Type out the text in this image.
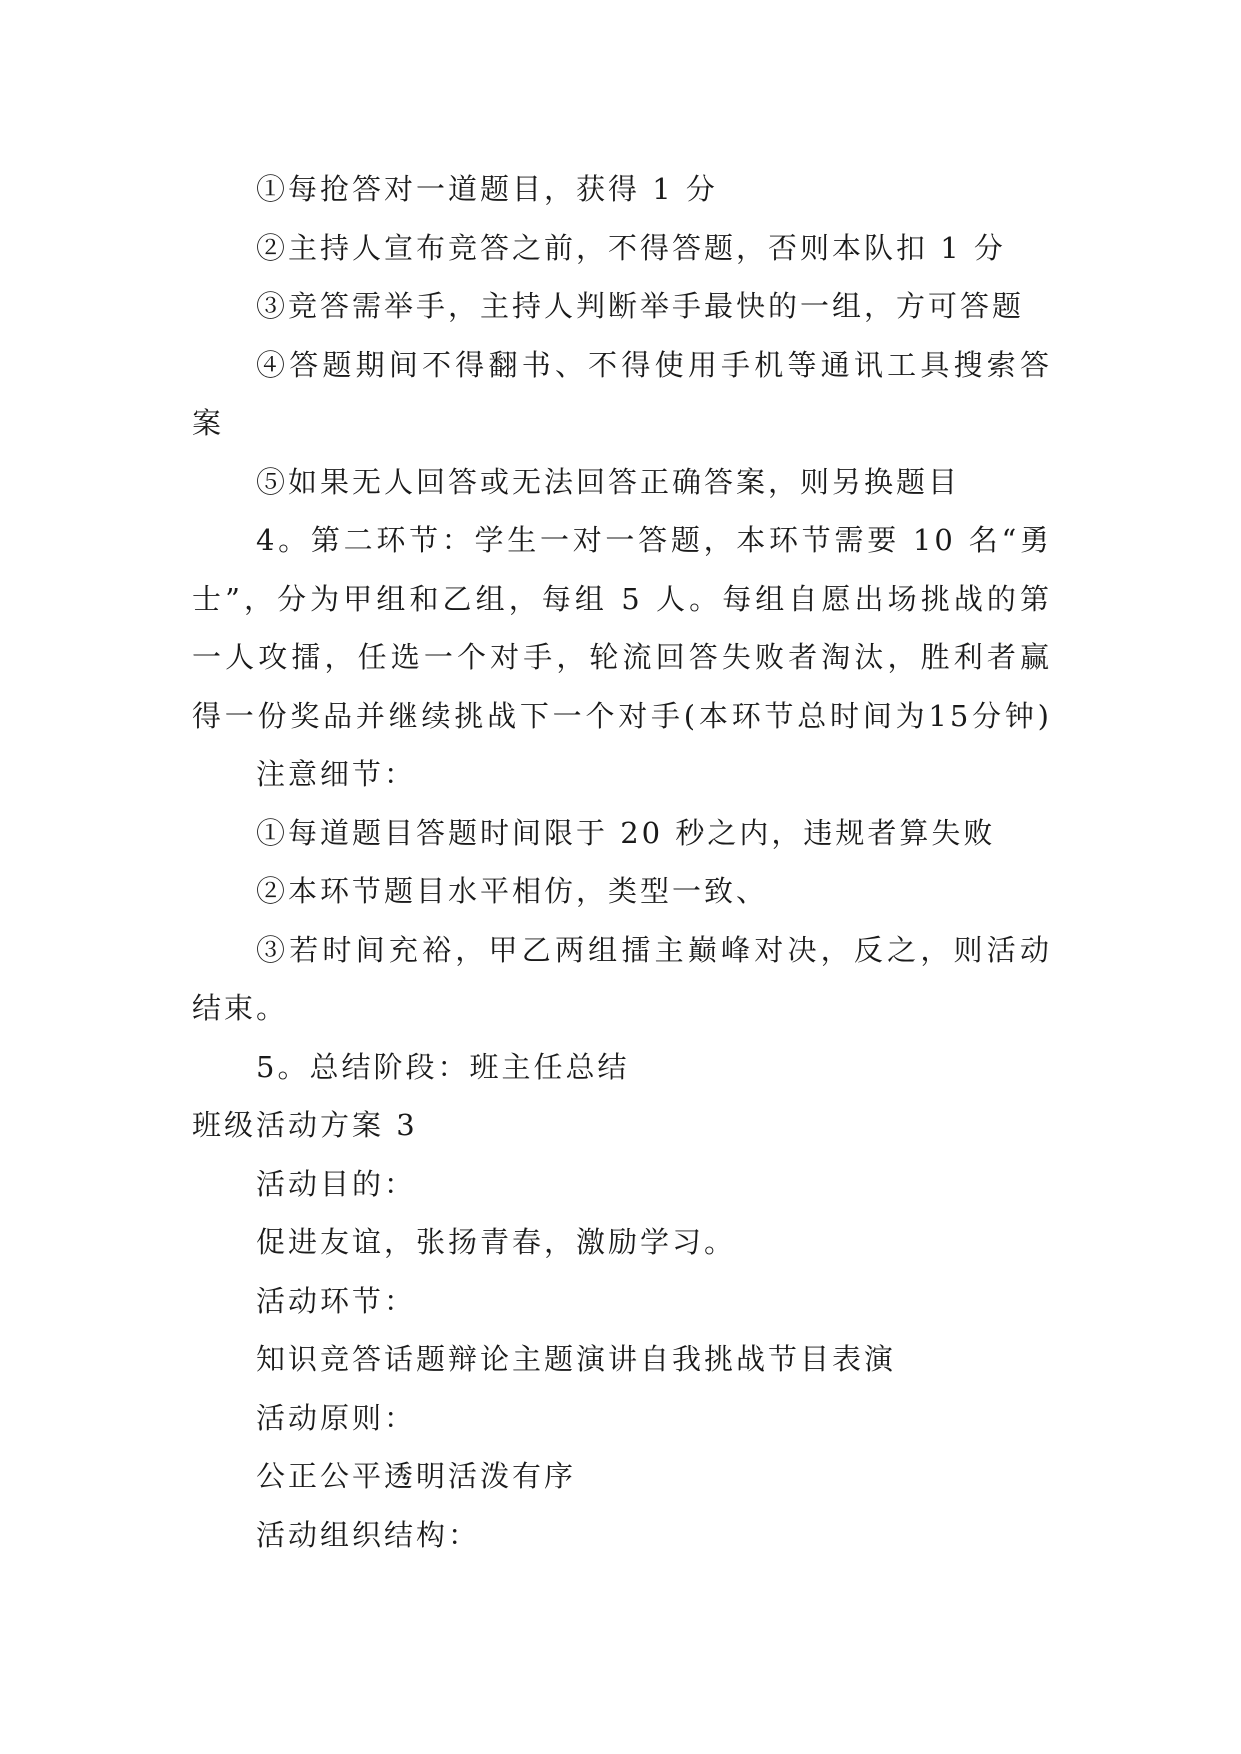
①每抢答对一道题目，获得 1 分
②主持人宣布竞答之前，不得答题，否则本队扣 1 分
③竞答需举手，主持人判断举手最快的一组，方可答题
④答题期间不得翻书、不得使用手机等通讯工具搜索答
案
⑤如果无人回答或无法回答正确答案，则另换题目
4。第二环节：学生一对一答题，本环节需要 10 名“勇
士”，分为甲组和乙组，每组 5 人。每组自愿出场挑战的第
一人攻擂，任选一个对手，轮流回答失败者淘汰，胜利者赢
得一份奖品并继续挑战下一个对手(本环节总时间为15分钟)
注意细节：
①每道题目答题时间限于 20 秒之内，违规者算失败
②本环节题目水平相仿，类型一致、
③若时间充裕，甲乙两组擂主巅峰对决，反之，则活动
结束。
5。总结阶段：班主任总结
班级活动方案 3
活动目的：
促进友谊，张扬青春，激励学习。
活动环节：
知识竞答话题辩论主题演讲自我挑战节目表演
活动原则：
公正公平透明活泼有序
活动组织结构：
